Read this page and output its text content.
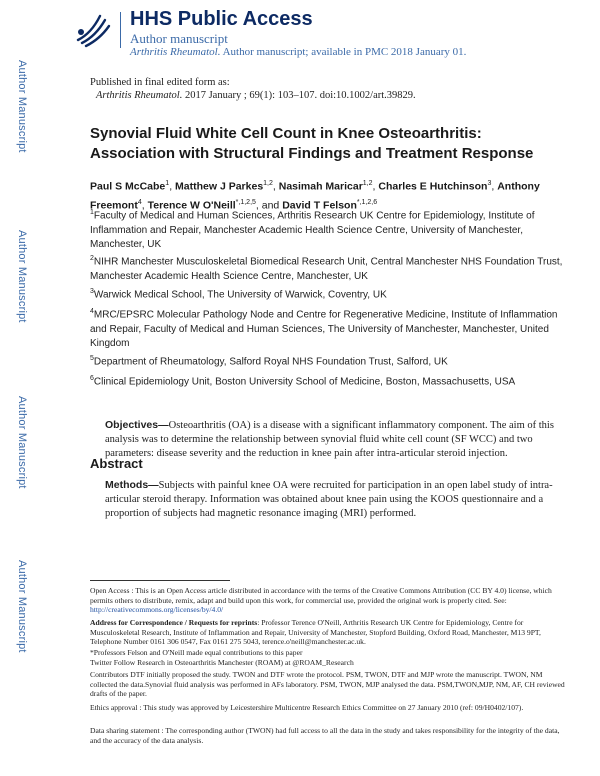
Author Manuscript
Author Manuscript
Author Manuscript
Author Manuscript
HHS Public Access
Author manuscript
Arthritis Rheumatol. Author manuscript; available in PMC 2018 January 01.
Published in final edited form as:
Arthritis Rheumatol. 2017 January ; 69(1): 103–107. doi:10.1002/art.39829.
Synovial Fluid White Cell Count in Knee Osteoarthritis: Association with Structural Findings and Treatment Response
Paul S McCabe$^1$, Matthew J Parkes$^{1,2}$, Nasimah Maricar$^{1,2}$, Charles E Hutchinson$^3$, Anthony Freemont$^4$, Terence W O'Neill$^{*,1,2,5}$, and David T Felson$^{*,1,2,6}$
$^1$Faculty of Medical and Human Sciences, Arthritis Research UK Centre for Epidemiology, Institute of Inflammation and Repair, Manchester Academic Health Science Centre, University of Manchester, Manchester, UK
$^2$NIHR Manchester Musculoskeletal Biomedical Research Unit, Central Manchester NHS Foundation Trust, Manchester Academic Health Science Centre, Manchester, UK
$^3$Warwick Medical School, The University of Warwick, Coventry, UK
$^4$MRC/EPSRC Molecular Pathology Node and Centre for Regenerative Medicine, Institute of Inflammation and Repair, Faculty of Medical and Human Sciences, The University of Manchester, Manchester, United Kingdom
$^5$Department of Rheumatology, Salford Royal NHS Foundation Trust, Salford, UK
$^6$Clinical Epidemiology Unit, Boston University School of Medicine, Boston, Massachusetts, USA
Abstract
Objectives—Osteoarthritis (OA) is a disease with a significant inflammatory component. The aim of this analysis was to determine the relationship between synovial fluid white cell count (SF WCC) and two parameters: disease severity and the reduction in knee pain after intra-articular steroid injection.
Methods—Subjects with painful knee OA were recruited for participation in an open label study of intra-articular steroid therapy. Information was obtained about knee pain using the KOOS questionnaire and a proportion of subjects had magnetic resonance imaging (MRI) performed.
Open Access : This is an Open Access article distributed in accordance with the terms of the Creative Commons Attribution (CC BY 4.0) license, which permits others to distribute, remix, adapt and build upon this work, for commercial use, provided the original work is properly cited. See: http://creativecommons.org/licenses/by/4.0/
Address for Correspondence / Requests for reprints: Professor Terence O'Neill, Arthritis Research UK Centre for Epidemiology, Centre for Musculoskeletal Research, Institute of Inflammation and Repair, University of Manchester, Stopford Building, Oxford Road, Manchester, M13 9PT, Telephone Number 0161 306 0547, Fax 0161 275 5043, terence.o'neill@manchester.ac.uk.
*Professors Felson and O'Neill made equal contributions to this paper
Twitter Follow Research in Osteoarthritis Manchester (ROAM) at @ROAM_Research
Contributors DTF initially proposed the study. TWON and DTF wrote the protocol. PSM, TWON, DTF and MJP wrote the manuscript. TWON, NM collected the data.Synovial fluid analysis was performed in AFs laboratory. PSM, TWON, MJP analysed the data. PSM,TWON,MJP, NM, AF, CH reviewed drafts of the paper.
Ethics approval : This study was approved by Leicestershire Multicentre Research Ethics Committee on 27 January 2010 (ref: 09/H0402/107).
Data sharing statement : The corresponding author (TWON) had full access to all the data in the study and takes responsibility for the integrity of the data, and the accuracy of the data analysis.
